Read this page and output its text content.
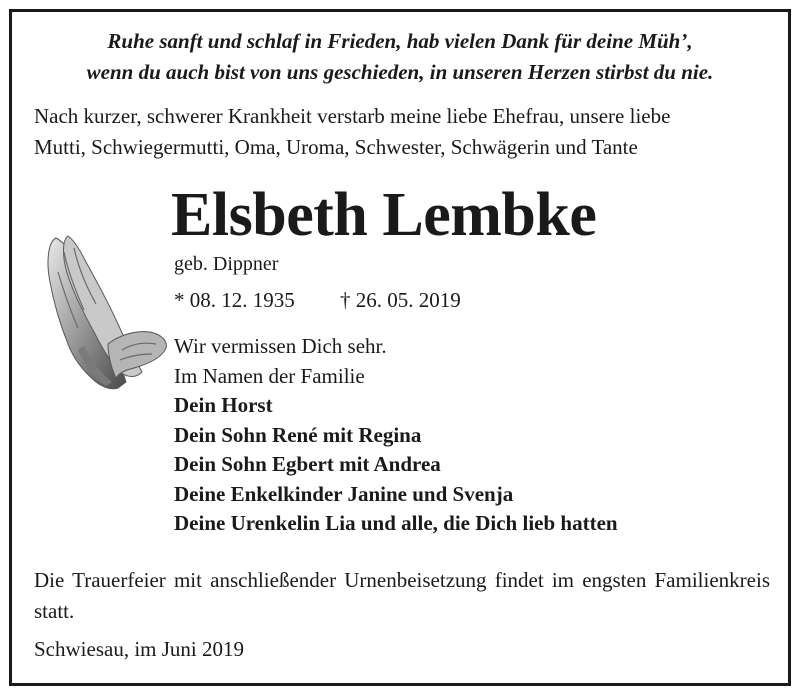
Ruhe sanft und schlaf in Frieden, hab vielen Dank für deine Müh’,
wenn du auch bist von uns geschieden, in unseren Herzen stirbst du nie.
Nach kurzer, schwerer Krankheit verstarb meine liebe Ehefrau, unsere liebe
Mutti, Schwiegermutti, Oma, Uroma, Schwester, Schwägerin und Tante
Elsbeth Lembke
geb. Dippner
* 08. 12. 1935 † 26. 05. 2019
Wir vermissen Dich sehr.
Im Namen der Familie
Dein Horst
Dein Sohn René mit Regina
Dein Sohn Egbert mit Andrea
Deine Enkelkinder Janine und Svenja
Deine Urenkelin Lia und alle, die Dich lieb hatten
Die Trauerfeier mit anschließender Urnenbeisetzung findet im engsten Familienkreis statt.
Schwiesau, im Juni 2019
